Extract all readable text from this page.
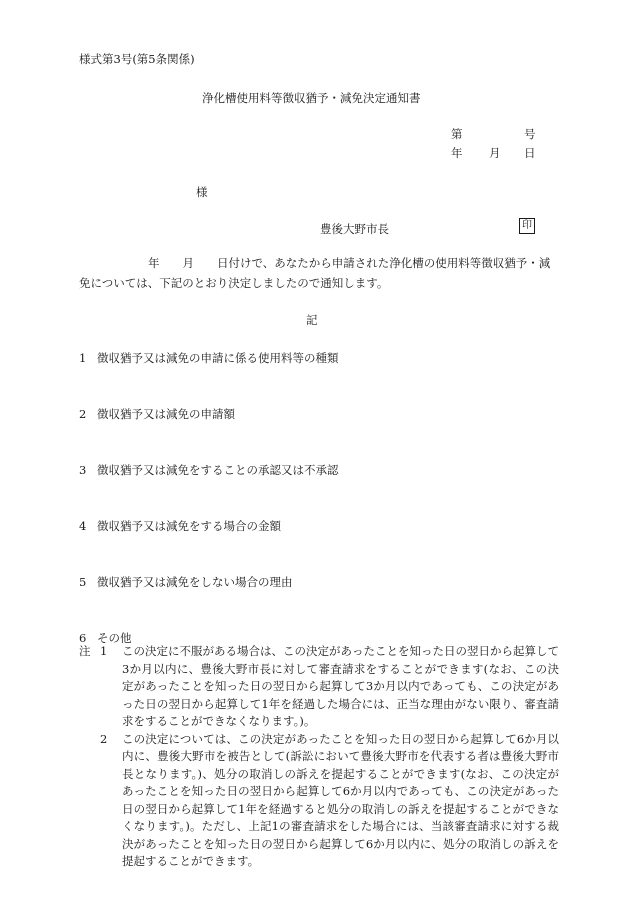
様式第3号(第5条関係)
浄化槽使用料等徴収猶予・減免決定通知書
第	号
年 月 日
様
豊後大野市長	印
　　　　　　年　　月　　日付けで、あなたから申請された浄化槽の使用料等徴収猶予・減免については、下記のとおり決定しましたので通知します。
記
1 徴収猶予又は減免の申請に係る使用料等の種類
2 徴収猶予又は減免の申請額
3 徴収猶予又は減免をすることの承認又は不承認
4 徴収猶予又は減免をする場合の金額
5 徴収猶予又は減免をしない場合の理由
6 その他
注 1	この決定に不服がある場合は、この決定があったことを知った日の翌日から起算して3か月以内に、豊後大野市長に対して審査請求をすることができます(なお、この決定があったことを知った日の翌日から起算して3か月以内であっても、この決定があった日の翌日から起算して1年を経過した場合には、正当な理由がない限り、審査請求をすることができなくなります。)。
2	この決定については、この決定があったことを知った日の翌日から起算して6か月以内に、豊後大野市を被告として(訴訟において豊後大野市を代表する者は豊後大野市長となります。)、処分の取消しの訴えを提起することができます(なお、この決定があったことを知った日の翌日から起算して6か月以内であっても、この決定があった日の翌日から起算して1年を経過すると処分の取消しの訴えを提起することができなくなります。)。ただし、上記1の審査請求をした場合には、当該審査請求に対する裁決があったことを知った日の翌日から起算して6か月以内に、処分の取消しの訴えを提起することができます。
